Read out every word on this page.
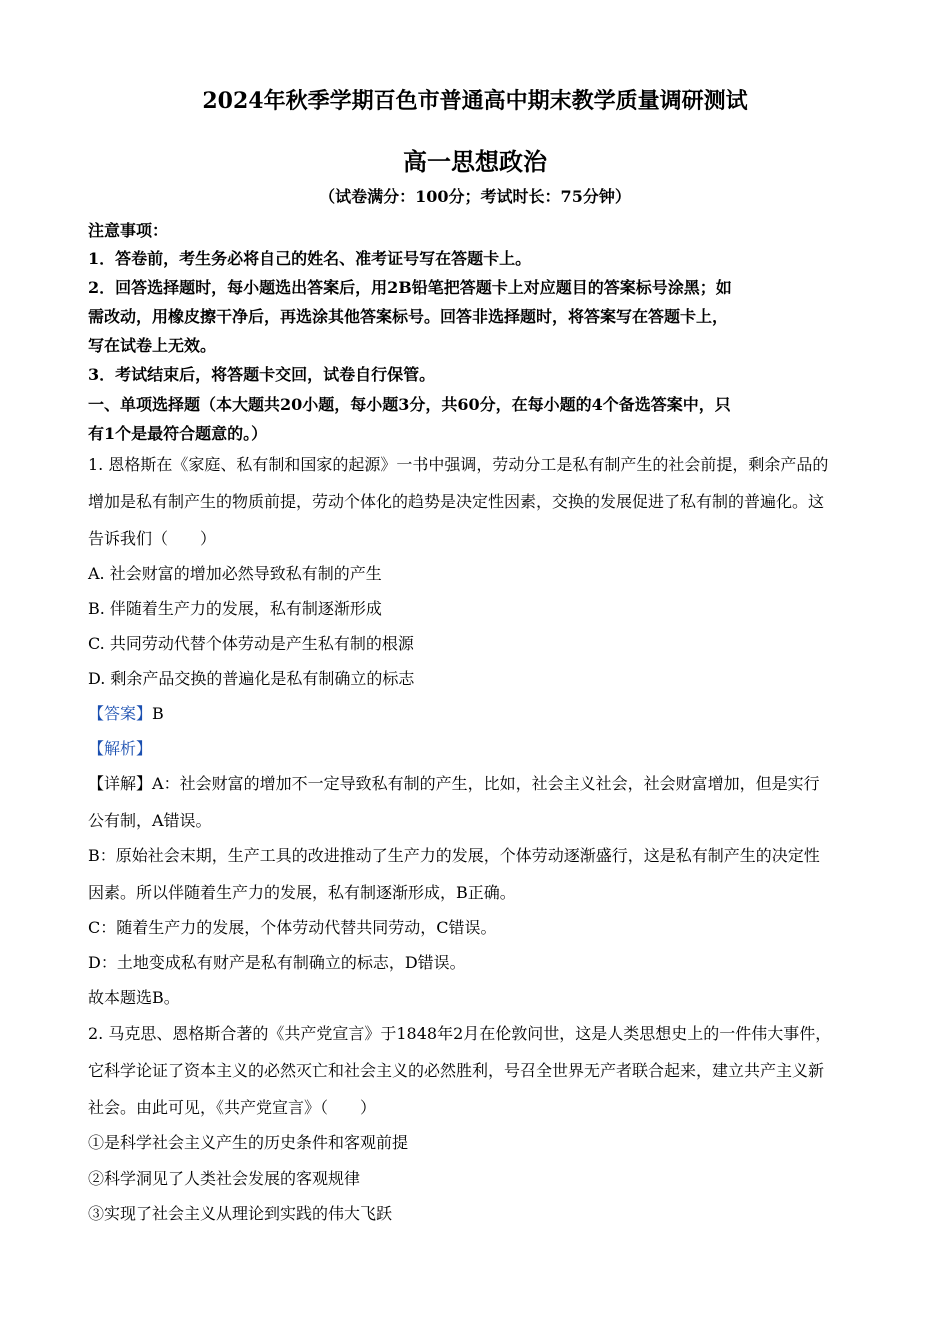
2024年秋季学期百色市普通高中期末教学质量调研测试
高一思想政治
（试卷满分：100分；考试时长：75分钟）
注意事项：
1．答卷前，考生务必将自己的姓名、准考证号写在答题卡上。
2．回答选择题时，每小题选出答案后，用2B铅笔把答题卡上对应题目的答案标号涂黑；如
需改动，用橡皮擦干净后，再选涂其他答案标号。回答非选择题时，将答案写在答题卡上，
写在试卷上无效。
3．考试结束后，将答题卡交回，试卷自行保管。
一、单项选择题（本大题共20小题，每小题3分，共60分，在每小题的4个备选答案中，只
有1个是最符合题意的。）
1. 恩格斯在《家庭、私有制和国家的起源》一书中强调，劳动分工是私有制产生的社会前提，剩余产品的
增加是私有制产生的物质前提，劳动个体化的趋势是决定性因素，交换的发展促进了私有制的普遍化。这
告诉我们（　　）
A. 社会财富的增加必然导致私有制的产生
B. 伴随着生产力的发展，私有制逐渐形成
C. 共同劳动代替个体劳动是产生私有制的根源
D. 剩余产品交换的普遍化是私有制确立的标志
【答案】B
【解析】
【详解】A：社会财富的增加不一定导致私有制的产生，比如，社会主义社会，社会财富增加，但是实行
公有制，A错误。
B：原始社会末期，生产工具的改进推动了生产力的发展，个体劳动逐渐盛行，这是私有制产生的决定性
因素。所以伴随着生产力的发展，私有制逐渐形成，B正确。
C：随着生产力的发展，个体劳动代替共同劳动，C错误。
D：土地变成私有财产是私有制确立的标志，D错误。
故本题选B。
2. 马克思、恩格斯合著的《共产党宣言》于1848年2月在伦敦问世，这是人类思想史上的一件伟大事件，
它科学论证了资本主义的必然灭亡和社会主义的必然胜利，号召全世界无产者联合起来，建立共产主义新
社会。由此可见，《共产党宣言》（　　）
①是科学社会主义产生的历史条件和客观前提
②科学洞见了人类社会发展的客观规律
③实现了社会主义从理论到实践的伟大飞跃
